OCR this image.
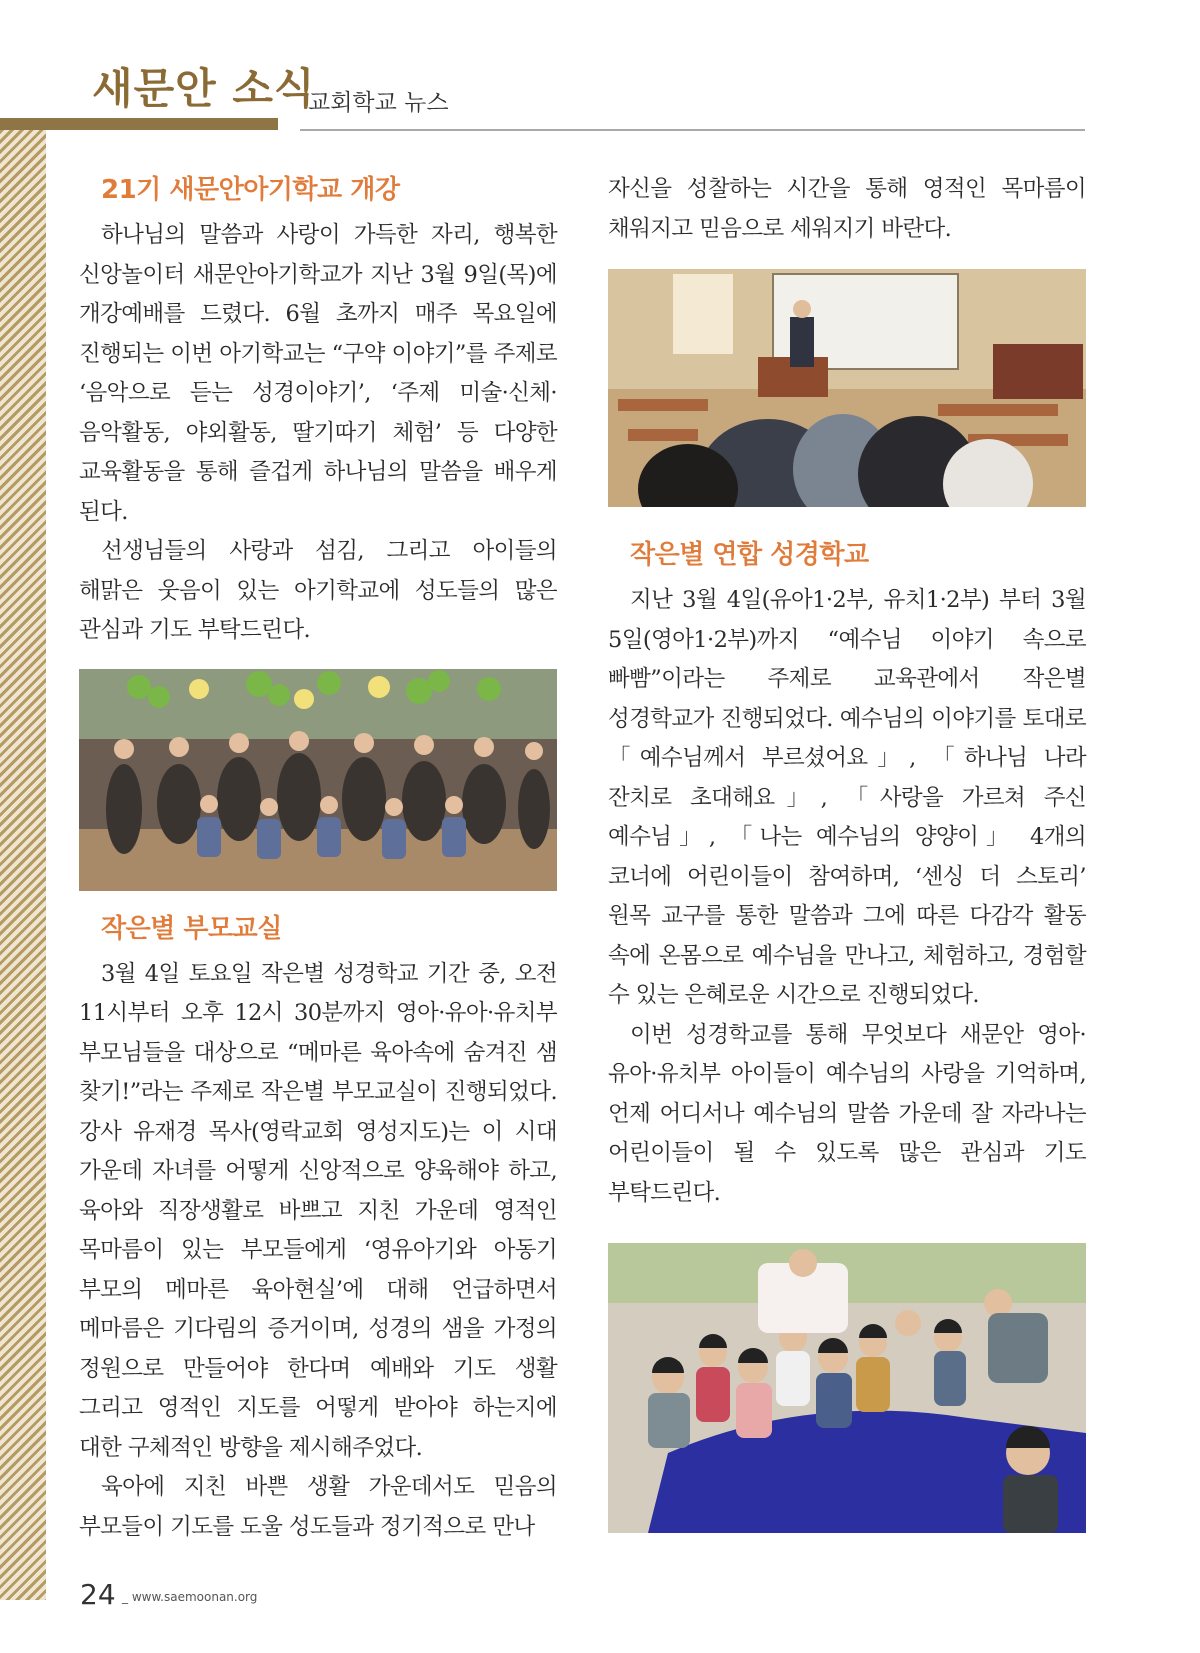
새문안 소식
교회학교 뉴스
21기 새문안아기학교 개강

하나님의 말씀과 사랑이 가득한 자리, 행복한 신앙놀이터 새문안아기학교가 지난 3월 9일(목)에 개강예배를 드렸다. 6월 초까지 매주 목요일에 진행되는 이번 아기학교는 “구약 이야기”를 주제로 ‘음악으로 듣는 성경이야기’, ‘주제 미술·신체·음악활동, 야외활동, 딸기따기 체험’ 등 다양한 교육활동을 통해 즐겁게 하나님의 말씀을 배우게 된다.

선생님들의 사랑과 섬김, 그리고 아이들의 해맑은 웃음이 있는 아기학교에 성도들의 많은 관심과 기도 부탁드린다.

작은별 부모교실

3월 4일 토요일 작은별 성경학교 기간 중, 오전 11시부터 오후 12시 30분까지 영아·유아·유치부 부모님들을 대상으로 “메마른 육아속에 숨겨진 샘 찾기!”라는 주제로 작은별 부모교실이 진행되었다. 강사 유재경 목사(영락교회 영성지도)는 이 시대 가운데 자녀를 어떻게 신앙적으로 양육해야 하고, 육아와 직장생활로 바쁘고 지친 가운데 영적인 목마름이 있는 부모들에게 ‘영유아기와 아동기 부모의 메마른 육아현실’에 대해 언급하면서 메마름은 기다림의 증거이며, 성경의 샘을 가정의 정원으로 만들어야 한다며 예배와 기도 생활 그리고 영적인 지도를 어떻게 받아야 하는지에 대한 구체적인 방향을 제시해주었다.

육아에 지친 바쁜 생활 가운데서도 믿음의 부모들이 기도를 도울 성도들과 정기적으로 만나

자신을 성찰하는 시간을 통해 영적인 목마름이 채워지고 믿음으로 세워지기 바란다.

작은별 연합 성경학교

지난 3월 4일(유아1·2부, 유치1·2부) 부터 3월 5일(영아1·2부)까지 “예수님 이야기 속으로 빠빰”이라는 주제로 교육관에서 작은별 성경학교가 진행되었다. 예수님의 이야기를 토대로 「예수님께서 부르셨어요」, 「하나님 나라 잔치로 초대해요」, 「사랑을 가르쳐 주신 예수님」, 「나는 예수님의 양양이」 4개의 코너에 어린이들이 참여하며, ‘센싱 더 스토리’ 원목 교구를 통한 말씀과 그에 따른 다감각 활동 속에 온몸으로 예수님을 만나고, 체험하고, 경험할 수 있는 은혜로운 시간으로 진행되었다.

이번 성경학교를 통해 무엇보다 새문안 영아·유아·유치부 아이들이 예수님의 사랑을 기억하며, 언제 어디서나 예수님의 말씀 가운데 잘 자라나는 어린이들이 될 수 있도록 많은 관심과 기도 부탁드린다.

24 _ www.saemoonan.org
